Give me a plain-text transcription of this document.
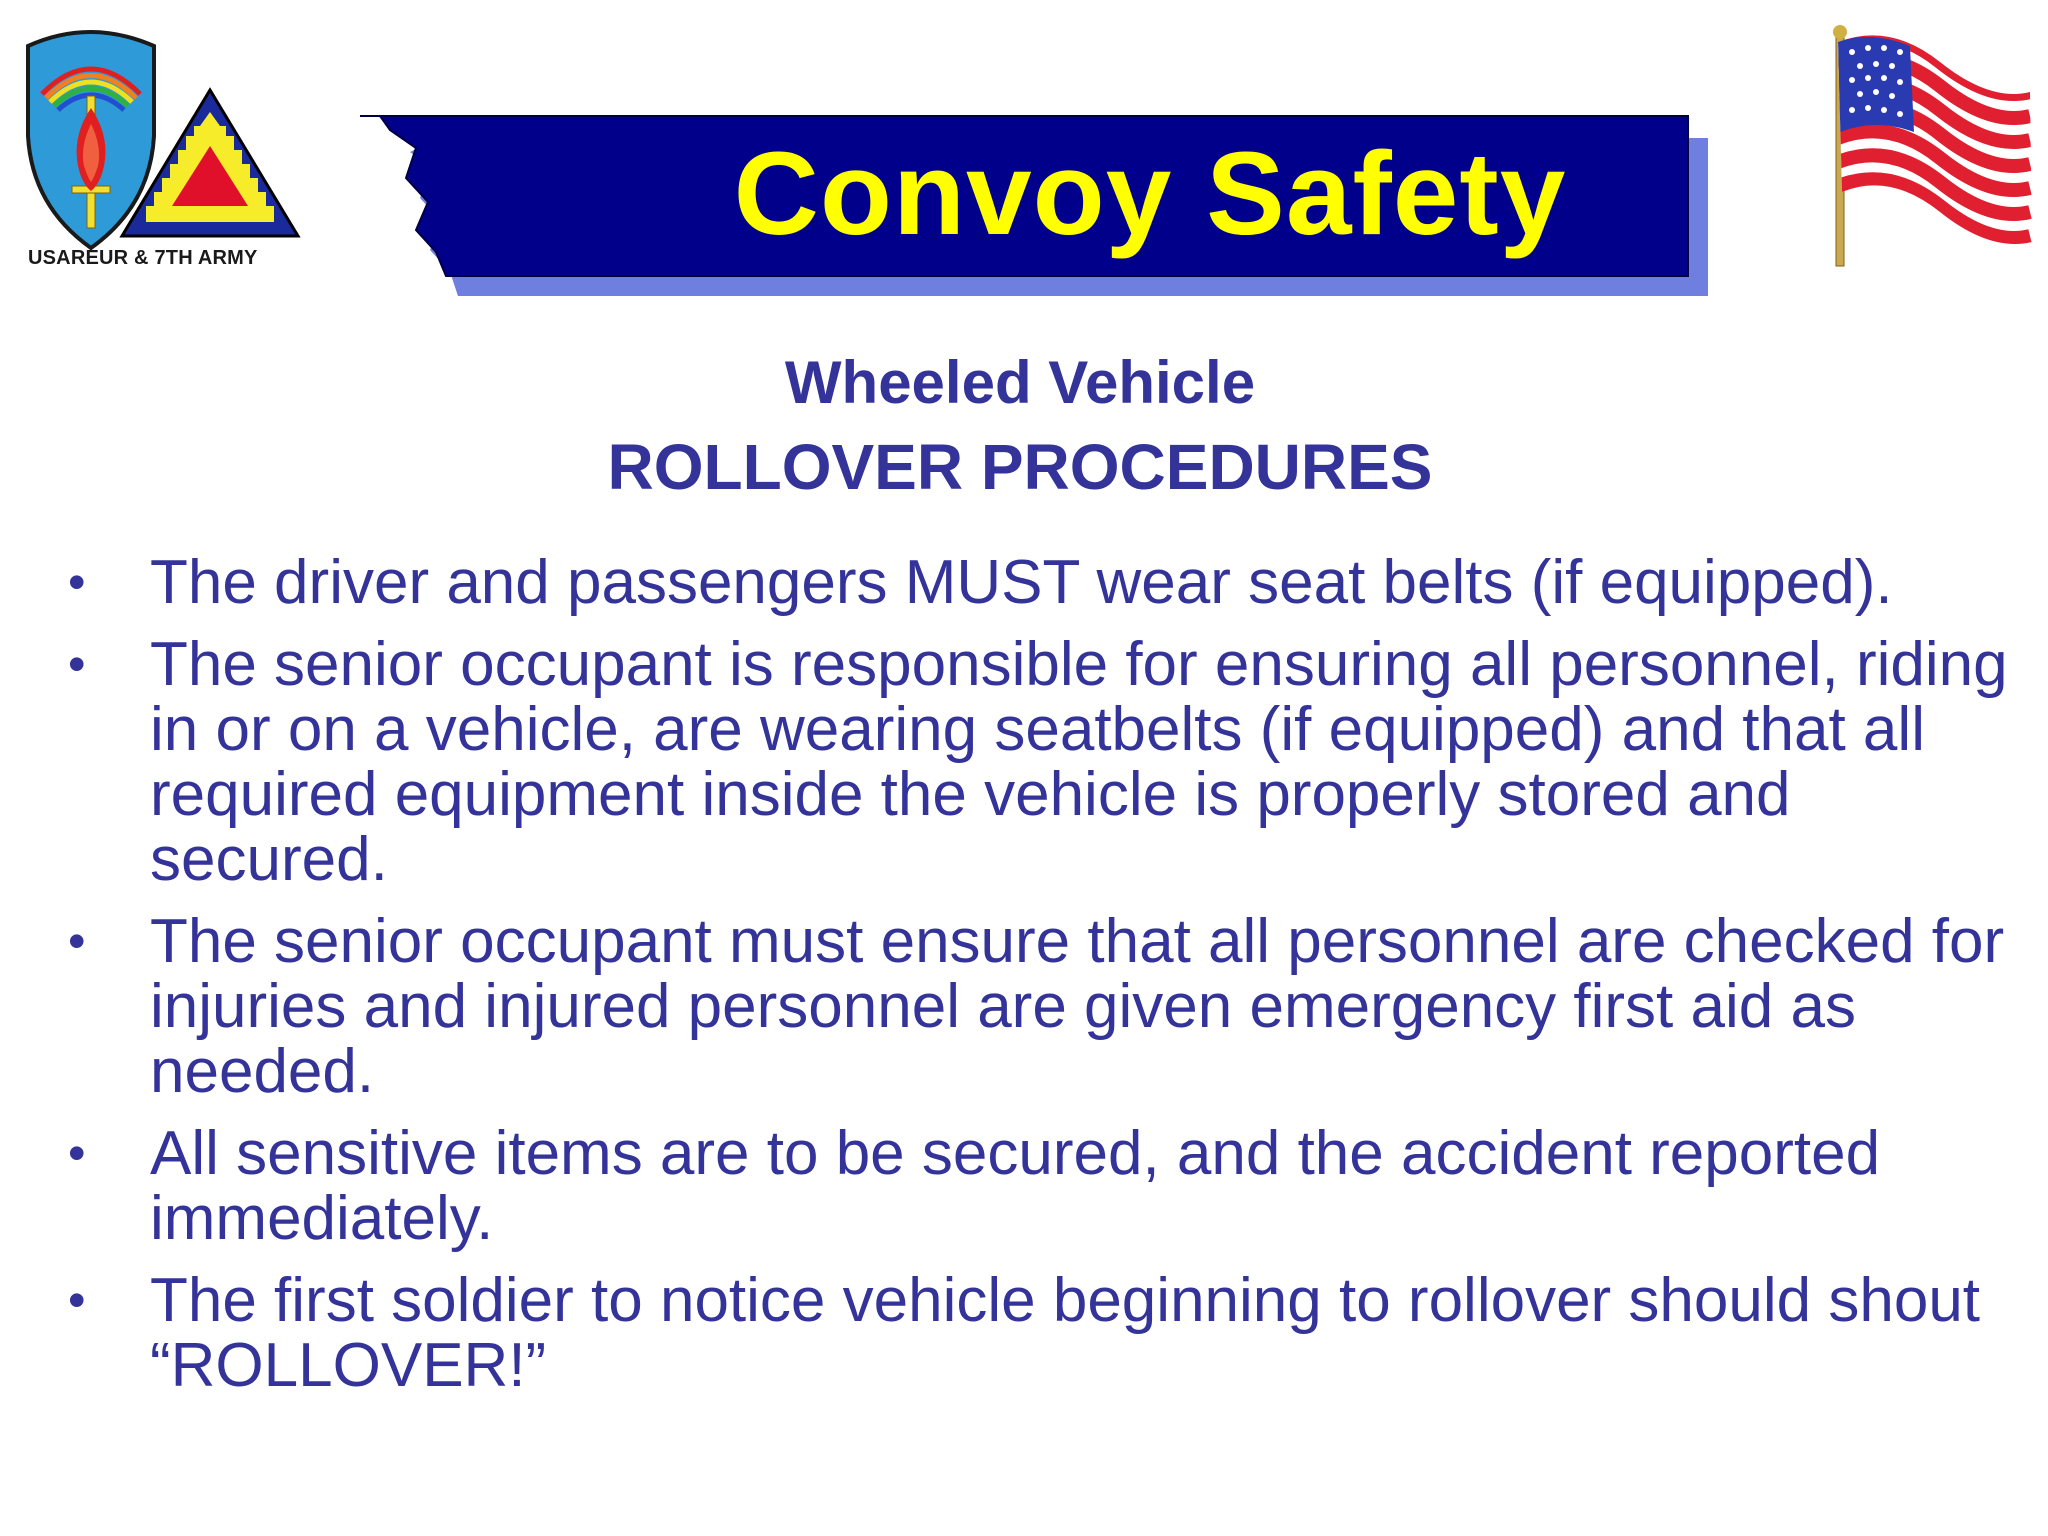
USAREUR & 7TH ARMY	Convoy Safety
Wheeled Vehicle
ROLLOVER PROCEDURES
• The driver and passengers MUST wear seat belts (if equipped).
• The senior occupant is responsible for ensuring all personnel, riding in or on a vehicle, are wearing seatbelts (if equipped) and that all required equipment inside the vehicle is properly stored and secured.
• The senior occupant must ensure that all personnel are checked for injuries and injured personnel are given emergency first aid as needed.
• All sensitive items are to be secured, and the accident reported immediately.
• The first soldier to notice vehicle beginning to rollover should shout “ROLLOVER!”
